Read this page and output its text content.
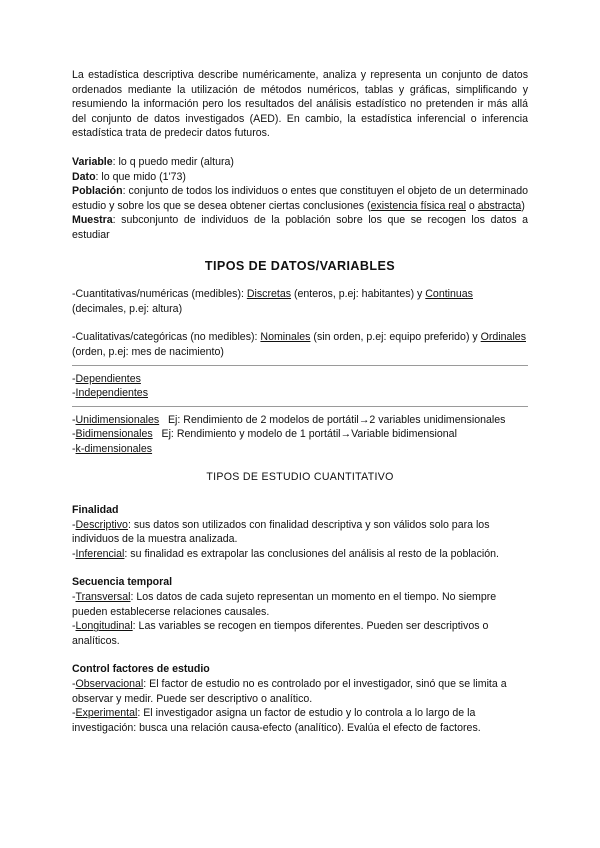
La estadística descriptiva describe numéricamente, analiza y representa un conjunto de datos ordenados mediante la utilización de métodos numéricos, tablas y gráficas, simplificando y resumiendo la información pero los resultados del análisis estadístico no pretenden ir más allá del conjunto de datos investigados (AED). En cambio, la estadística inferencial o inferencia estadística trata de predecir datos futuros.

Variable: lo q puedo medir (altura)

Dato: lo que mido (1'73)

Población: conjunto de todos los individuos o entes que constituyen el objeto de un determinado estudio y sobre los que se desea obtener ciertas conclusiones (existencia física real o abstracta)

Muestra: subconjunto de individuos de la población sobre los que se recogen los datos a estudiar

TIPOS DE DATOS/VARIABLES

-Cuantitativas/numéricas (medibles): Discretas (enteros, p.ej: habitantes) y Continuas (decimales, p.ej: altura)

-Cualitativas/categóricas (no medibles): Nominales (sin orden, p.ej: equipo preferido) y Ordinales (orden, p.ej: mes de nacimiento)

-Dependientes

-Independientes

-Unidimensionales   Ej: Rendimiento de 2 modelos de portátil→2 variables unidimensionales

-Bidimensionales   Ej: Rendimiento y modelo de 1 portátil→Variable bidimensional

-k-dimensionales

TIPOS DE ESTUDIO CUANTITATIVO

Finalidad

-Descriptivo: sus datos son utilizados con finalidad descriptiva y son válidos solo para los individuos de la muestra analizada.

-Inferencial: su finalidad es extrapolar las conclusiones del análisis al resto de la población.

Secuencia temporal

-Transversal: Los datos de cada sujeto representan un momento en el tiempo. No siempre pueden establecerse relaciones causales.

-Longitudinal: Las variables se recogen en tiempos diferentes. Pueden ser descriptivos o analíticos.

Control factores de estudio

-Observacional: El factor de estudio no es controlado por el investigador, sinó que se limita a observar y medir. Puede ser descriptivo o analítico.

-Experimental: El investigador asigna un factor de estudio y lo controla a lo largo de la investigación: busca una relación causa-efecto (analítico). Evalúa el efecto de factores.
